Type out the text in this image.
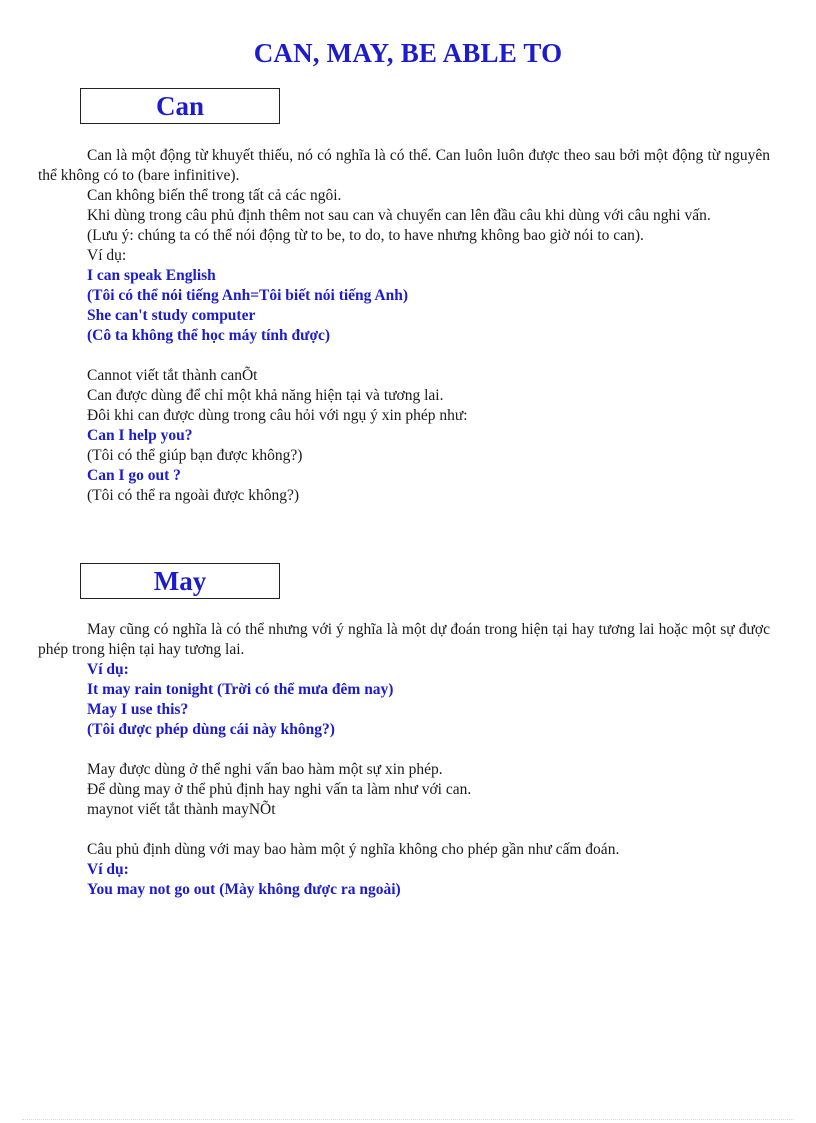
CAN, MAY, BE ABLE TO
Can

Can là một động từ khuyết thiếu, nó có nghĩa là có thể. Can luôn luôn được theo sau bởi một động từ nguyên thể không có to (bare infinitive).

Can không biến thể trong tất cả các ngôi.

Khi dùng trong câu phủ định thêm not sau can và chuyển can lên đầu câu khi dùng với câu nghi vấn.

(Lưu ý: chúng ta có thể nói động từ to be, to do, to have nhưng không bao giờ nói to can).

Ví dụ:

I can speak English

(Tôi có thể nói tiếng Anh=Tôi biết nói tiếng Anh)

She can't study computer

(Cô ta không thể học máy tính được)

Cannot viết tắt thành canÕt

Can được dùng để chỉ một khả năng hiện tại và tương lai.

Đôi khi can được dùng trong câu hỏi với ngụ ý xin phép như:

Can I help you?

(Tôi có thể giúp bạn được không?)

Can I go out ?

(Tôi có thể ra ngoài được không?)

May

May cũng có nghĩa là có thể nhưng với ý nghĩa là một dự đoán trong hiện tại hay tương lai hoặc một sự được phép trong hiện tại hay tương lai.

Ví dụ:

It may rain tonight (Trời có thể mưa đêm nay)

May I use this?

(Tôi được phép dùng cái này không?)

May được dùng ở thể nghi vấn bao hàm một sự xin phép.

Để dùng may ở thể phủ định hay nghi vấn ta làm như với can.

maynot viết tắt thành mayNÕt

Câu phủ định dùng với may bao hàm một ý nghĩa không cho phép gần như cấm đoán.

Ví dụ:

You may not go out (Mày không được ra ngoài)
